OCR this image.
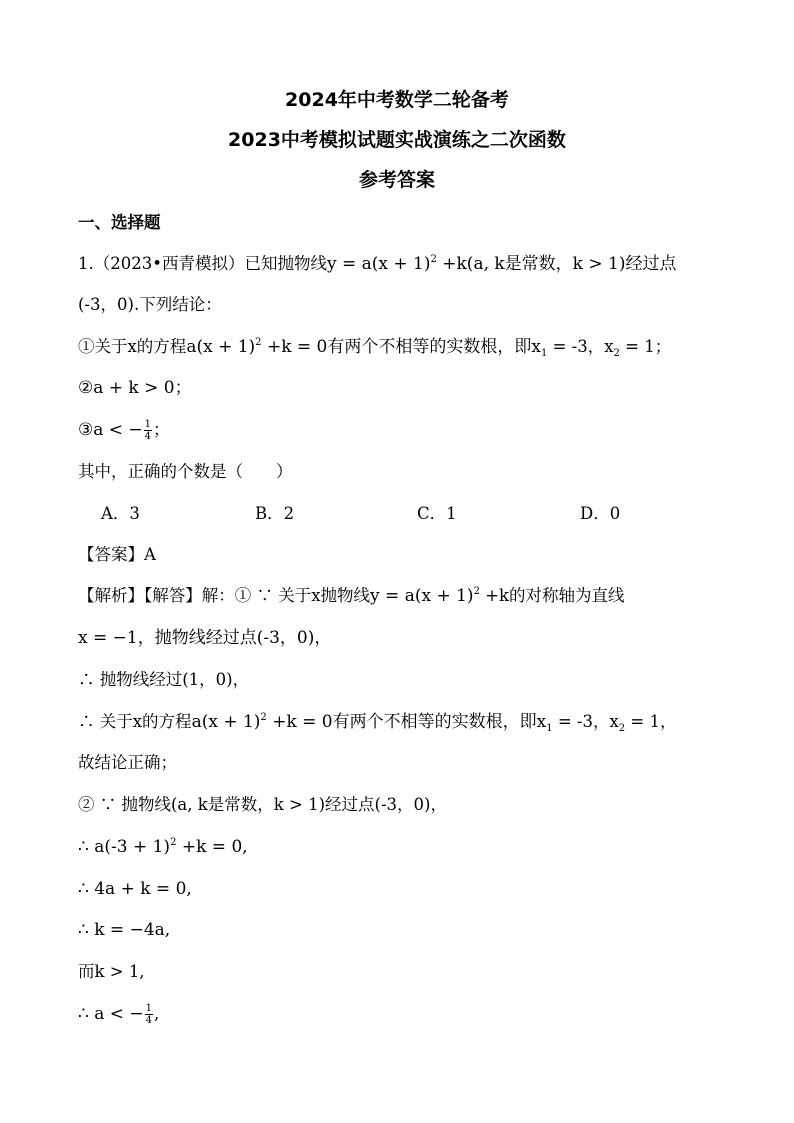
2024年中考数学二轮备考
2023中考模拟试题实战演练之二次函数
参考答案
一、选择题
1.（2023•西青模拟）已知抛物线$y = a(x + 1)^2 +k(a$, k是常数，k > 1)经过点
(-3，0).下列结论：
①关于x的方程$a(x + 1)^2 +k = 0$有两个不相等的实数根，即$x_1 = -3$，$x_2 = 1$；
②a + k > 0；
③a < − $\frac{1}{4}$ ；
其中，正确的个数是（　　）
A．3	B．2	C．1	D．0
【答案】A
【解析】【解答】解：① ∵ 关于x抛物线$y = a(x + 1)^2 +k$的对称轴为直线
x = −1，抛物线经过点(-3，0)，
∴ 抛物线经过(1，0)，
∴ 关于x的方程$a(x + 1)^2 +k = 0$有两个不相等的实数根，即$x_1 = -3$，$x_2 = 1$，
故结论正确；
② ∵ 抛物线(a, k是常数，k > 1)经过点(-3，0)，
∴ $a(-3 + 1)^2 +k = 0$,
∴ 4a + k = 0,
∴ k = −4a,
而k > 1,
∴ a < − $\frac{1}{4}$ ,
